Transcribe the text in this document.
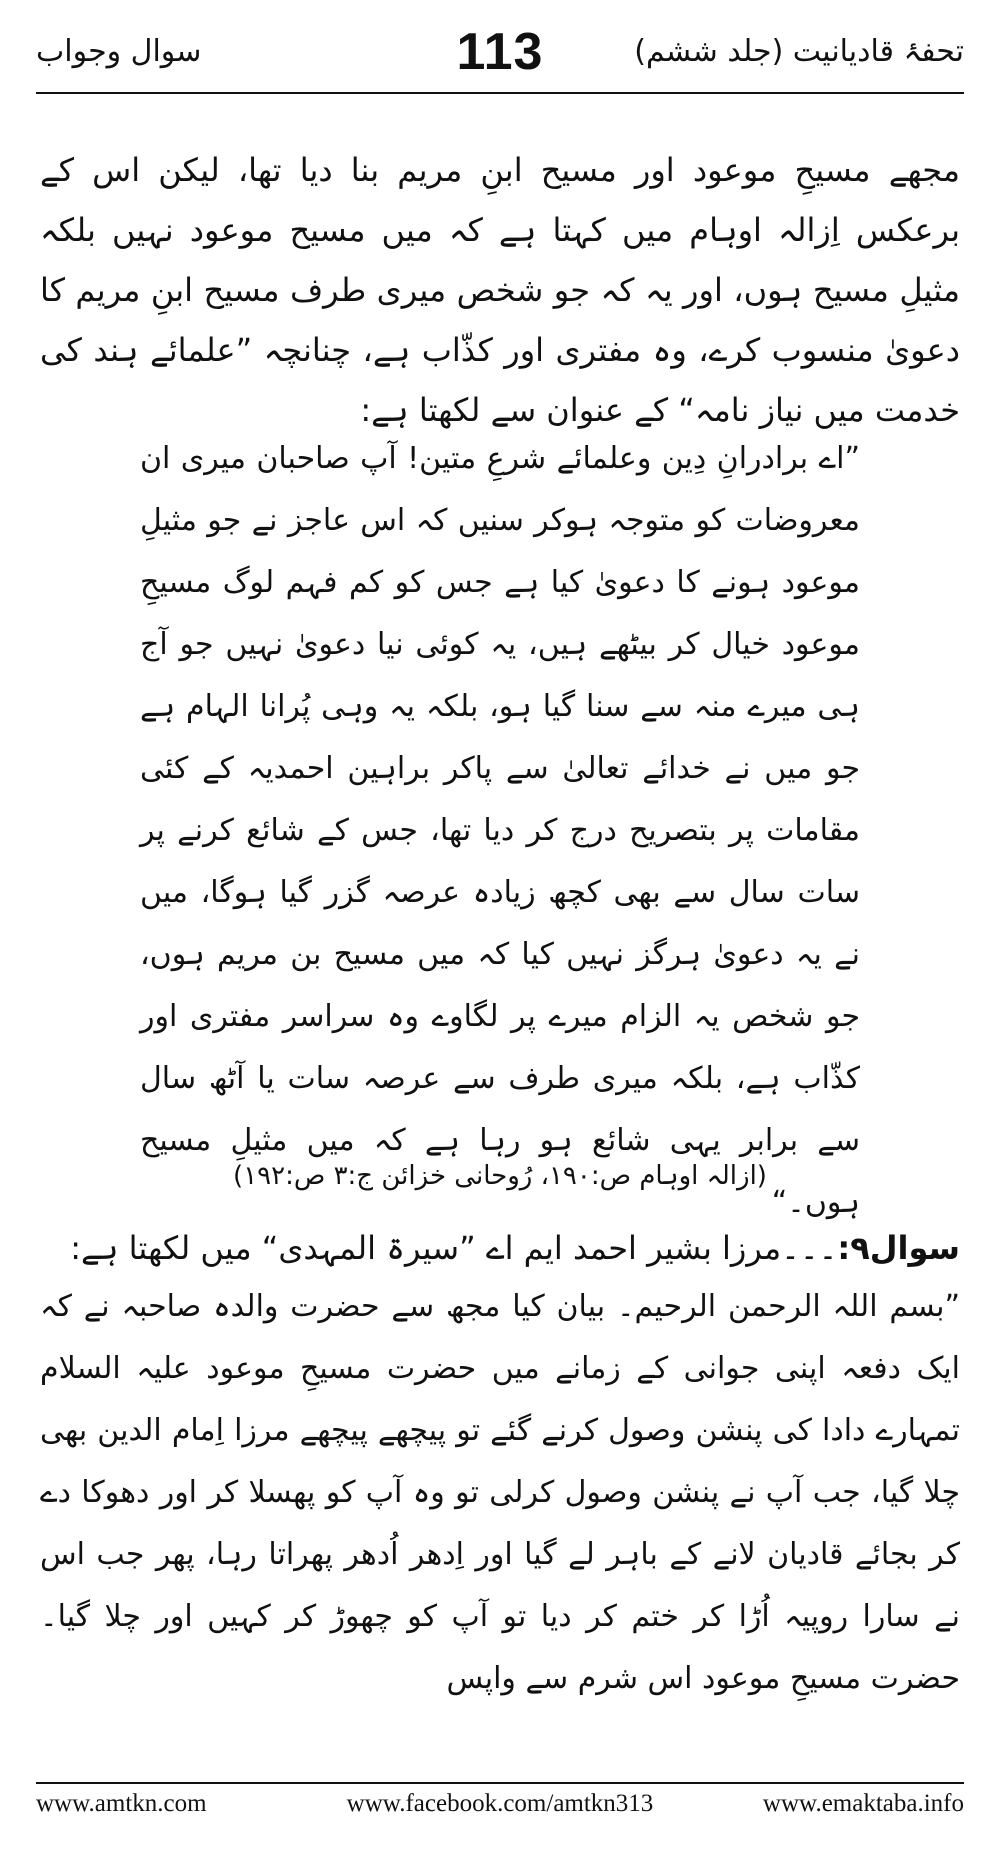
سوال وجواب	113	تحفۂ قادیانیت (جلد ششم)

مجھے مسیحِ موعود اور مسیح ابنِ مریم بنا دیا تھا، لیکن اس کے برعکس اِزالہ اوہام میں کہتا ہے کہ میں مسیح موعود نہیں بلکہ مثیلِ مسیح ہوں، اور یہ کہ جو شخص میری طرف مسیح ابنِ مریم کا دعویٰ منسوب کرے، وہ مفتری اور کذّاب ہے، چنانچہ ”علمائے ہند کی خدمت میں نیاز نامہ“ کے عنوان سے لکھتا ہے:

”اے برادرانِ دِین وعلمائے شرعِ متین! آپ صاحبان میری ان معروضات کو متوجہ ہوکر سنیں کہ اس عاجز نے جو مثیلِ موعود ہونے کا دعویٰ کیا ہے جس کو کم فہم لوگ مسیحِ موعود خیال کر بیٹھے ہیں، یہ کوئی نیا دعویٰ نہیں جو آج ہی میرے منہ سے سنا گیا ہو، بلکہ یہ وہی پُرانا الہام ہے جو میں نے خدائے تعالیٰ سے پاکر براہین احمدیہ کے کئی مقامات پر بتصریح درج کر دیا تھا، جس کے شائع کرنے پر سات سال سے بھی کچھ زیادہ عرصہ گزر گیا ہوگا، میں نے یہ دعویٰ ہرگز نہیں کیا کہ میں مسیح بن مریم ہوں، جو شخص یہ الزام میرے پر لگاوے وہ سراسر مفتری اور کذّاب ہے، بلکہ میری طرف سے عرصہ سات یا آٹھ سال سے برابر یہی شائع ہو رہا ہے کہ میں مثیلِ مسیح ہوں۔“

(ازالہ اوہام ص:۱۹۰، رُوحانی خزائن ج:۳ ص:۱۹۲)

سوال۹:۔۔۔مرزا بشیر احمد ایم اے ”سیرۃ المہدی“ میں لکھتا ہے:

”بسم اللہ الرحمن الرحیم۔ بیان کیا مجھ سے حضرت والدہ صاحبہ نے کہ ایک دفعہ اپنی جوانی کے زمانے میں حضرت مسیحِ موعود علیہ السلام تمہارے دادا کی پنشن وصول کرنے گئے تو پیچھے پیچھے مرزا اِمام الدین بھی چلا گیا، جب آپ نے پنشن وصول کرلی تو وہ آپ کو پھسلا کر اور دھوکا دے کر بجائے قادیان لانے کے باہر لے گیا اور اِدھر اُدھر پھراتا رہا، پھر جب اس نے سارا روپیہ اُڑا کر ختم کر دیا تو آپ کو چھوڑ کر کہیں اور چلا گیا۔ حضرت مسیحِ موعود اس شرم سے واپس

www.amtkn.com	www.facebook.com/amtkn313	www.emaktaba.info
